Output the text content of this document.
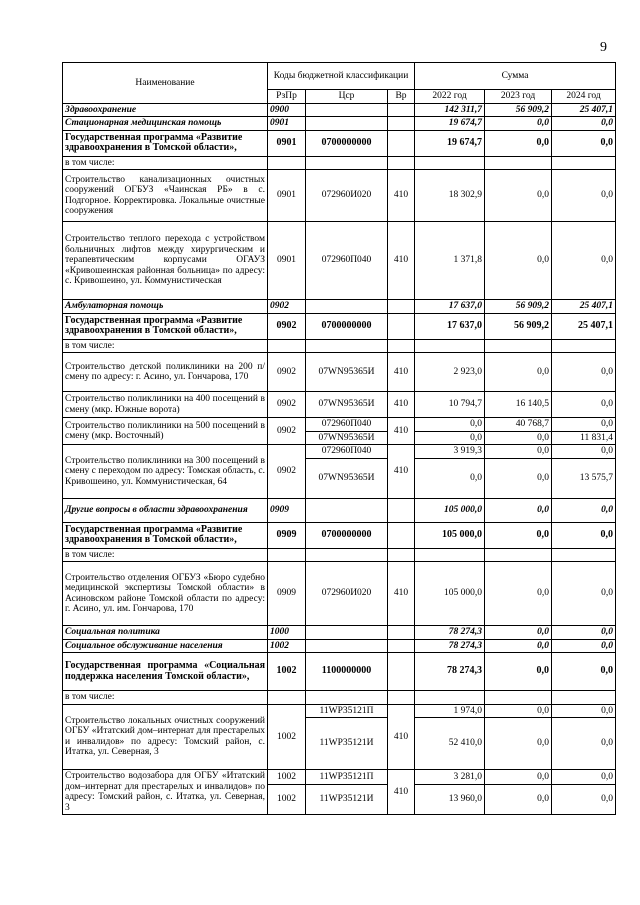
9
Наименование	Коды бюджетной классификации			Сумма		
	РзПр	Цср	Вр	2022 год	2023 год	2024 год
Здравоохранение	0900			142 311,7	56 909,2	25 407,1
Стационарная медицинская помощь	0901			19 674,7	0,0	0,0
Государственная программа «Развитие здравоохранения в Томской области»,	0901	0700000000		19 674,7	0,0	0,0
в том числе:						
Строительство канализационных очистных сооружений ОГБУЗ «Чаинская РБ» в с. Подгорное. Корректировка. Локальные очистные сооружения	0901	072960И020	410	18 302,9	0,0	0,0
Строительство теплого перехода с устройством больничных лифтов между хирургическим и терапевтическим корпусами ОГАУЗ «Кривошеинская районная больница» по адресу: с. Кривошеино, ул. Коммунистическая	0901	072960П040	410	1 371,8	0,0	0,0
Амбулаторная помощь	0902			17 637,0	56 909,2	25 407,1
Государственная программа «Развитие здравоохранения в Томской области»,	0902	0700000000		17 637,0	56 909,2	25 407,1
в том числе:						
Строительство детской поликлиники на 200 п/смену по адресу: г. Асино, ул. Гончарова, 170	0902	07WN95365И	410	2 923,0	0,0	0,0
Строительство поликлиники на 400 посещений в смену (мкр. Южные ворота)	0902	07WN95365И	410	10 794,7	16 140,5	0,0
Строительство поликлиники на 500 посещений в смену (мкр. Восточный)	0902	072960П040	410	0,0	40 768,7	0,0
		07WN95365И		0,0	0,0	11 831,4
Строительство поликлиники на 300 посещений в смену с переходом по адресу: Томская область, с. Кривошеино, ул. Коммунистическая, 64	0902	072960П040	410	3 919,3	0,0	0,0
		07WN95365И		0,0	0,0	13 575,7
Другие вопросы в области здравоохранения	0909			105 000,0	0,0	0,0
Государственная программа «Развитие здравоохранения в Томской области»,	0909	0700000000		105 000,0	0,0	0,0
в том числе:						
Строительство отделения ОГБУЗ «Бюро судебно медицинской экспертизы Томской области» в Асиновском районе Томской области по адресу: г. Асино, ул. им. Гончарова, 170	0909	072960И020	410	105 000,0	0,0	0,0
Социальная политика	1000			78 274,3	0,0	0,0
Социальное обслуживание населения	1002			78 274,3	0,0	0,0
Государственная программа «Социальная поддержка населения Томской области»,	1002	1100000000		78 274,3	0,0	0,0
в том числе:						
Строительство локальных очистных сооружений ОГБУ «Итатский дом–интернат для престарелых и инвалидов» по адресу: Томский район, с. Итатка, ул. Северная, 3	1002	11WP35121П	410	1 974,0	0,0	0,0
		11WP35121И		52 410,0	0,0	0,0
Строительство водозабора для ОГБУ «Итатский дом–интернат для престарелых и инвалидов» по адресу: Томский район, с. Итатка, ул. Северная, 3	1002	11WP35121П	410	3 281,0	0,0	0,0
	1002	11WP35121И		13 960,0	0,0	0,0
